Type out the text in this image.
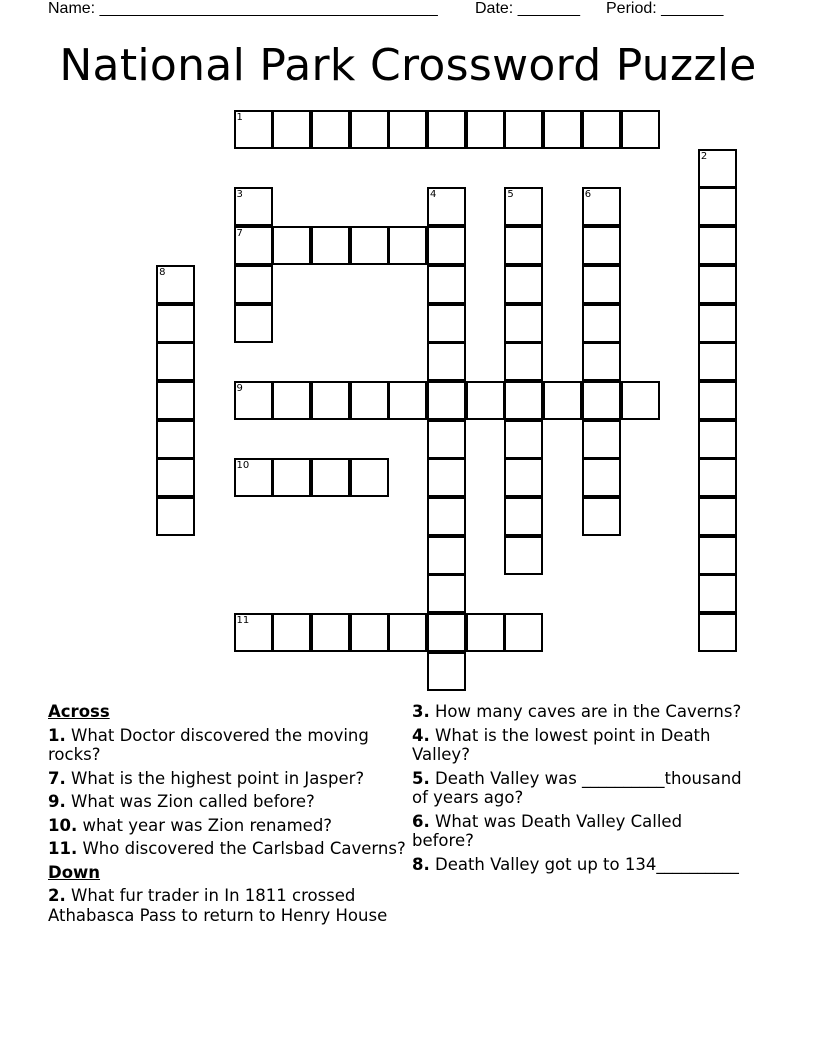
Name: ______________________________________ Date: _______ Period: _______
National Park Crossword Puzzle
1
2
3
7
4	5	6
8
9
10
11
Across
1. What Doctor discovered the moving rocks?
7. What is the highest point in Jasper?
9. What was Zion called before?
10. what year was Zion renamed?
11. Who discovered the Carlsbad Caverns?
Down
2. What fur trader in In 1811 crossed Athabasca Pass to return to Henry House
3. How many caves are in the Caverns?
4. What is the lowest point in Death Valley?
5. Death Valley was __________thousand of years ago?
6. What was Death Valley Called before?
8. Death Valley got up to 134__________
